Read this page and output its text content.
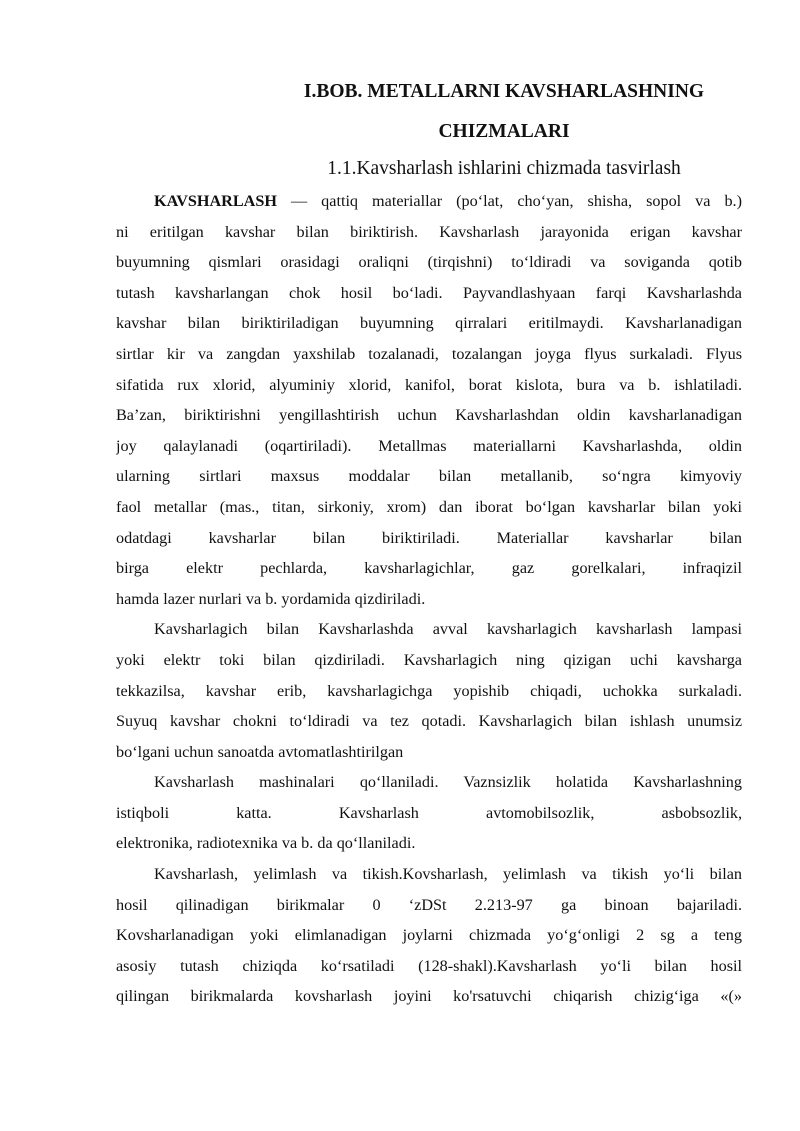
I.BOB. METALLARNI KAVSHARLASHNING

CHIZMALARI

1.1.Kavsharlash ishlarini chizmada tasvirlash

KAVSHARLASH — qattiq materiallar (po‘lat, cho‘yan, shisha, sopol va b.)
ni eritilgan kavshar bilan biriktirish. Kavsharlash jarayonida erigan kavshar
buyumning qismlari orasidagi oraliqni (tirqishni) to‘ldiradi va soviganda qotib
tutash kavsharlangan chok hosil bo‘ladi. Payvandlashyaan farqi Kavsharlashda
kavshar bilan biriktiriladigan buyumning qirralari eritilmaydi. Kavsharlanadigan
sirtlar kir va zangdan yaxshilab tozalanadi, tozalangan joyga flyus surkaladi. Flyus
sifatida rux xlorid, alyuminiy xlorid, kanifol, borat kislota, bura va b. ishlatiladi.
Ba’zan, biriktirishni yengillashtirish uchun Kavsharlashdan oldin kavsharlanadigan
joy qalaylanadi (oqartiriladi). Metallmas materiallarni Kavsharlashda, oldin
ularning sirtlari maxsus moddalar bilan metallanib, so‘ngra kimyoviy
faol metallar (mas., titan, sirkoniy, xrom) dan iborat bo‘lgan kavsharlar bilan yoki
odatdagi kavsharlar bilan biriktiriladi. Materiallar kavsharlar bilan
birga elektr pechlarda, kavsharlagichlar, gaz gorelkalari, infraqizil
hamda lazer nurlari va b. yordamida qizdiriladi.
Kavsharlagich bilan Kavsharlashda avval kavsharlagich kavsharlash lampasi
yoki elektr toki bilan qizdiriladi. Kavsharlagich ning qizigan uchi kavsharga
tekkazilsa, kavshar erib, kavsharlagichga yopishib chiqadi, uchokka surkaladi.
Suyuq kavshar chokni to‘ldiradi va tez qotadi. Kavsharlagich bilan ishlash unumsiz
bo‘lgani uchun sanoatda avtomatlashtirilgan
Kavsharlash mashinalari qo‘llaniladi. Vaznsizlik holatida Kavsharlashning
istiqboli katta. Kavsharlash avtomobilsozlik, asbobsozlik,
elektronika, radiotexnika va b. da qo‘llaniladi.
Kavsharlash, yelimlash va tikish.Kovsharlash, yelimlash va tikish yo‘li bilan
hosil qilinadigan birikmalar 0 ‘zDSt 2.213-97 ga binoan bajariladi.
Kovsharlanadigan yoki elimlanadigan joylarni chizmada yo‘g‘onligi 2 sg a teng
asosiy tutash chiziqda ko‘rsatiladi (128-shakl).Kavsharlash yo‘li bilan hosil
qilingan birikmalarda kovsharlash joyini ko'rsatuvchi chiqarish chizig‘iga «(»
